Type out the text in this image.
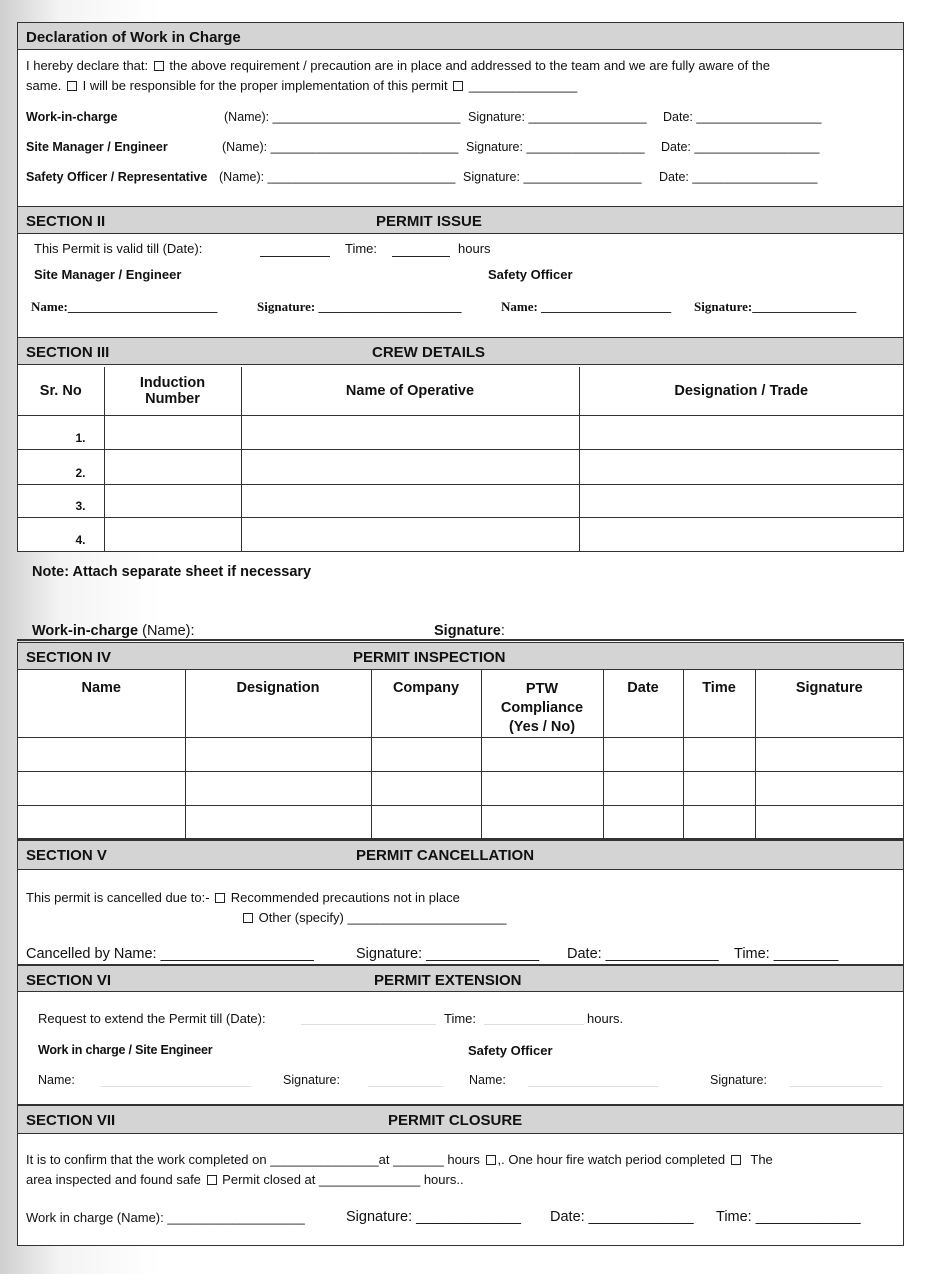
Declaration of Work in Charge
I hereby declare that: the above requirement / precaution are in place and addressed to the team and we are fully aware of the
same. I will be responsible for the proper implementation of this permit _______________
Work-in-charge	(Name): ___________________________ Signature: _________________ Date: __________________
Site Manager / Engineer	(Name): ___________________________ Signature: _________________ Date: __________________
Safety Officer / Representative (Name): ___________________________ Signature: _________________ Date: __________________
SECTION II	PERMIT ISSUE
This Permit is valid till (Date):	Time:	hours
Site Manager / Engineer	Safety Officer
Name:_______________________	Signature: ______________________	Name: ____________________ Signature:________________
SECTION III	CREW DETAILS
Sr. No	Induction Number	Name of Operative	Designation / Trade
1.			
2.			
3.			
4.			
Note: Attach separate sheet if necessary
Work-in-charge (Name):	Signature:
SECTION IV	PERMIT INSPECTION
Name	Designation	Company	PTW Compliance (Yes / No)	Date	Time	Signature

SECTION V	PERMIT CANCELLATION
This permit is cancelled due to:- Recommended precautions not in place
Other (specify) ______________________
Cancelled by Name: ___________________	Signature: ______________ Date: ______________ Time: ________
SECTION VI	PERMIT EXTENSION
Request to extend the Permit till (Date):	Time:	hours.
Work in charge / Site Engineer	Safety Officer
Name:	Signature:	Name:	Signature:
SECTION VII	PERMIT CLOSURE
It is to confirm that the work completed on _______________at _______ hours ,. One hour fire watch period completed The
area inspected and found safe Permit closed at ______________ hours..
Work in charge (Name): ___________________	Signature: _____________ Date: _____________ Time: _____________
